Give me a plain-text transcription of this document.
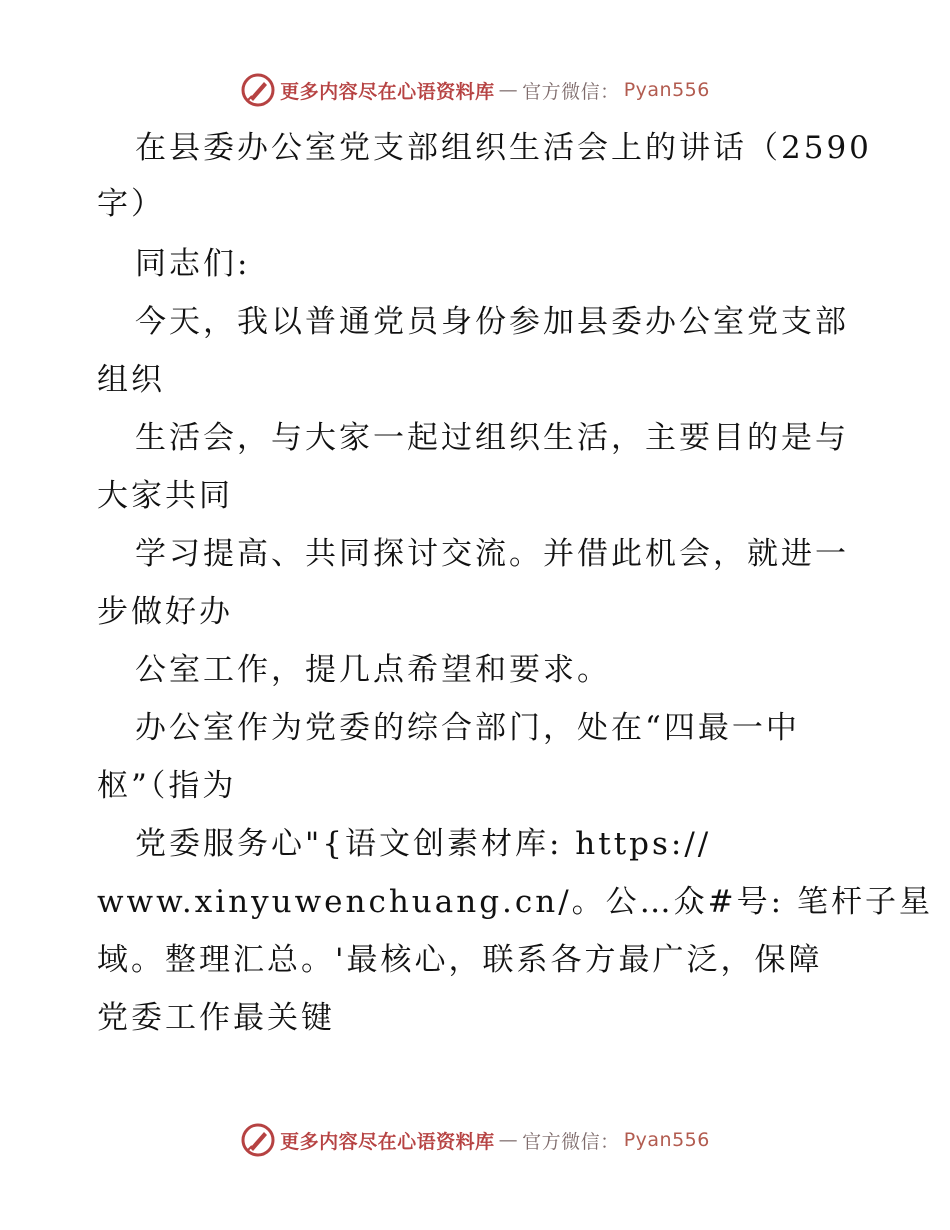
更多内容尽在心语资料库 — 官方微信： Pyan556
在县委办公室党支部组织生活会上的讲话（2590
字）
同志们:
今天，我以普通党员身份参加县委办公室党支部
组织
生活会，与大家一起过组织生活，主要目的是与
大家共同
学习提高、共同探讨交流。并借此机会，就进一
步做好办
公室工作，提几点希望和要求。
办公室作为党委的综合部门，处在“四最一中
枢”（指为
党委服务心"{语文创素材库: https://
www.xinyuwenchuang.cn/。公…众#号: 笔杆子星
域。整理汇总。'最核心，联系各方最广泛，保障
党委工作最关键
更多内容尽在心语资料库 — 官方微信： Pyan556
